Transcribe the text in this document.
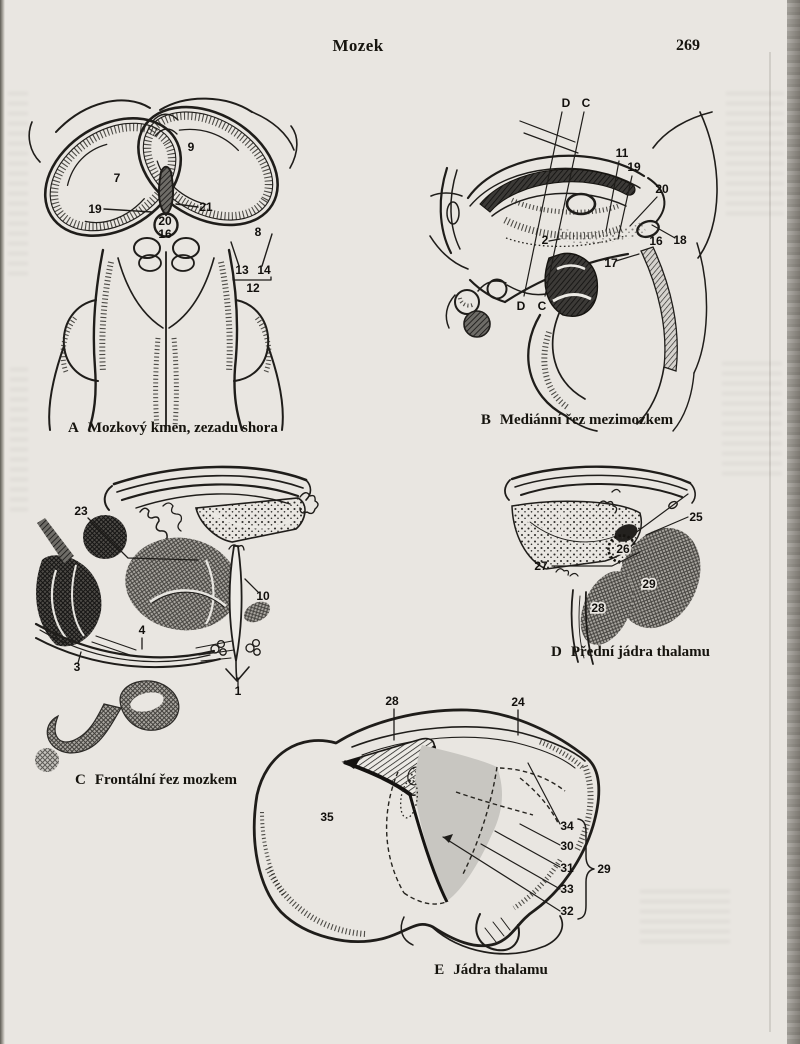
Mozek	269
7
9
19	21
20
16	8
13 14
12
A Mozkový kmen, zezadu shora
D C
11
19
20
2	16 18
17
D C
B Mediánní řez mezimozkem
23
10
4
3
1
C Frontální řez mozkem
25
26
27
29
28
D Přední jádra thalamu
28	24
35
34
30
31
33
32
29
E Jádra thalamu
